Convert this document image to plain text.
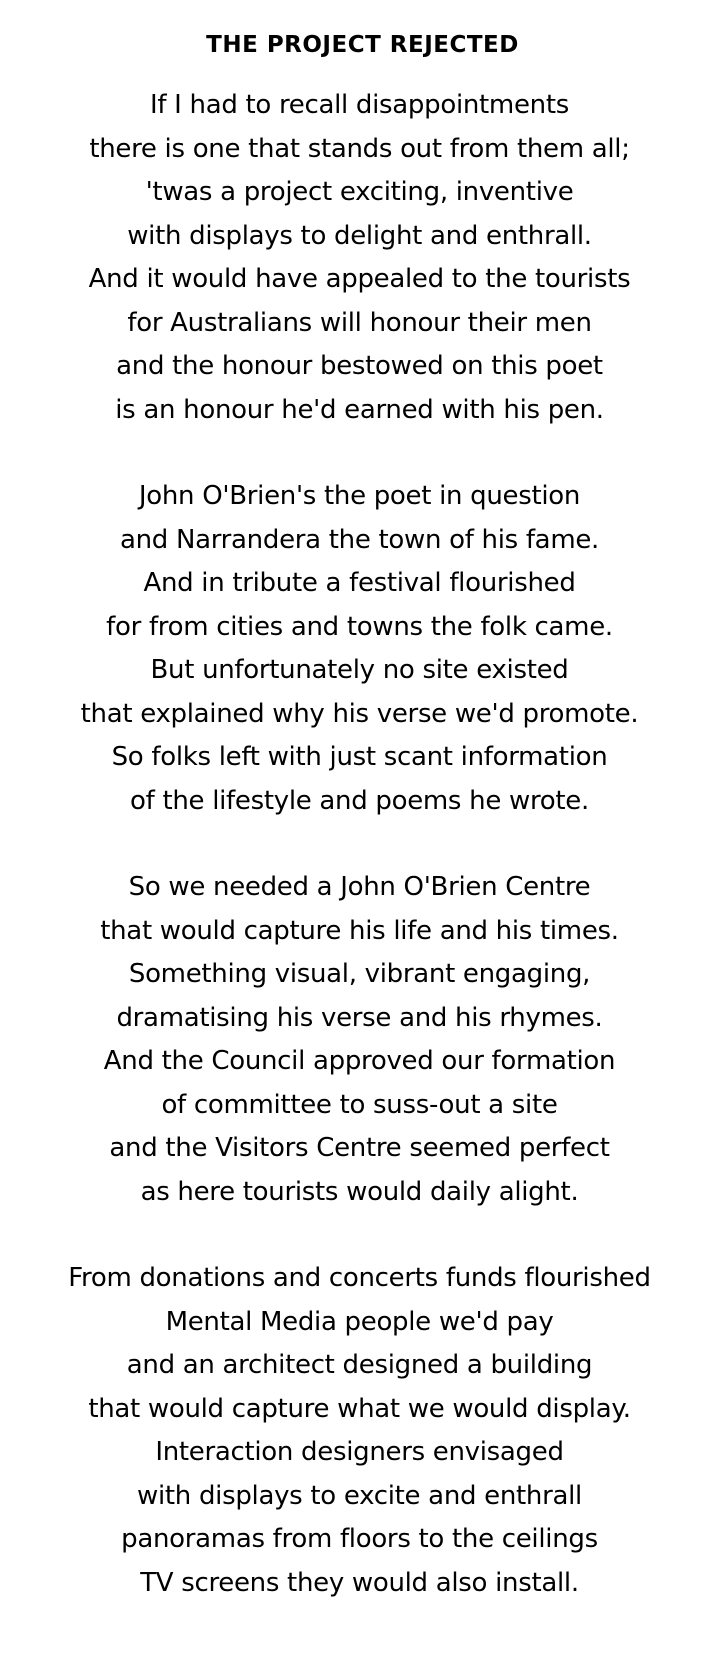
THE PROJECT REJECTED
If I had to recall disappointments
there is one that stands out from them all;
'twas a project exciting, inventive
with displays to delight and enthrall.
And it would have appealed to the tourists
for Australians will honour their men
and the honour bestowed on this poet
is an honour he'd earned with his pen.
John O'Brien's the poet in question
and Narrandera the town of his fame.
And in tribute a festival flourished
for from cities and towns the folk came.
But unfortunately no site existed
that explained why his verse we'd promote.
So folks left with just scant information
of the lifestyle and poems he wrote.
So we needed a John O'Brien Centre
that would capture his life and his times.
Something visual, vibrant engaging,
dramatising his verse and his rhymes.
And the Council approved our formation
of committee to suss-out a site
and the Visitors Centre seemed perfect
as here tourists would daily alight.
From donations and concerts funds flourished
Mental Media people we'd pay
and an architect designed a building
that would capture what we would display.
Interaction designers envisaged
with displays to excite and enthrall
panoramas from floors to the ceilings
TV screens they would also install.
